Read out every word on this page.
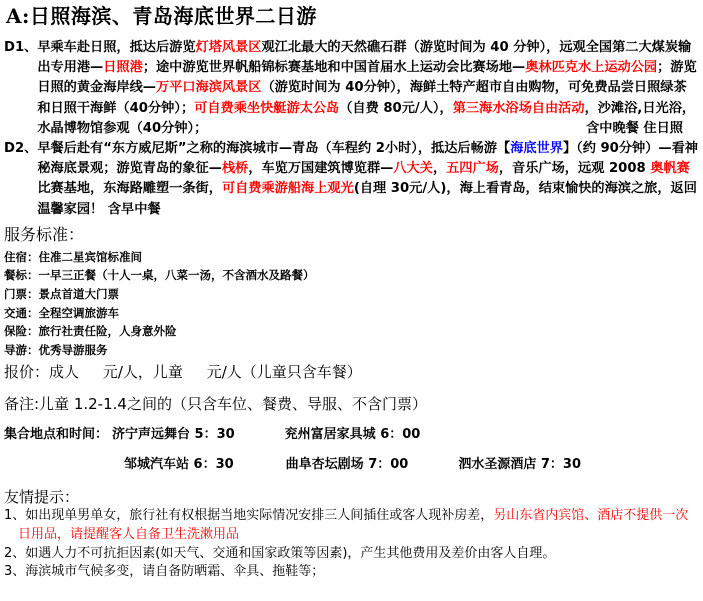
A:日照海滨、青岛海底世界二日游
D1、 早乘车赴日照，抵达后游览灯塔风景区观江北最大的天然礁石群（游览时间为 40 分钟），远观全国第二大煤炭输出专用港—日照港；途中游览世界帆船锦标赛基地和中国首届水上运动会比赛场地—奥林匹克水上运动公园；游览日照的黄金海岸线—万平口海滨风景区（游览时间为 40分钟），海鲜土特产超市自由购物，可免费品尝日照绿茶和日照干海鲜（40分钟）；可自费乘坐快艇游太公岛（自费 80元/人），第三海水浴场自由活动，沙滩浴,日光浴，水晶博物馆参观（40分钟）；	含中晚餐 住日照
D2、 早餐后赴有“东方威尼斯”之称的海滨城市—青岛（车程约 2小时），抵达后畅游【海底世界】（约 90分钟）—看神秘海底景观；游览青岛的象征—栈桥，车览万国建筑博览群—八大关，五四广场，音乐广场，远观 2008 奥帆赛比赛基地，东海路雕塑一条街，可自费乘游船海上观光(自理 30元/人)，海上看青岛，结束愉快的海滨之旅，返回温馨家园！ 含早中餐
服务标准：
住宿：住准二星宾馆标准间
餐标：一早三正餐（十人一桌，八菜一汤，不含酒水及路餐）
门票：景点首道大门票
交通：全程空调旅游车
保险：旅行社责任险，人身意外险
导游：优秀导游服务
报价：成人     元/人，儿童     元/人（儿童只含车餐）
备注:儿童 1.2-1.4之间的（只含车位、餐费、导服、不含门票）
集合地点和时间： 济宁声远舞台 5：30	兖州富居家具城 6：00
邹城汽车站 6：30	曲阜杏坛剧场 7：00	泗水圣源酒店 7：30
友情提示：
1、如出现单男单女，旅行社有权根据当地实际情况安排三人间插住或客人现补房差，另山东省内宾馆、酒店不提供一次日用品，请提醒客人自备卫生洗漱用品
2、如遇人力不可抗拒因素(如天气、交通和国家政策等因素)，产生其他费用及差价由客人自理。
3、海滨城市气候多变，请自备防晒霜、伞具、拖鞋等；
